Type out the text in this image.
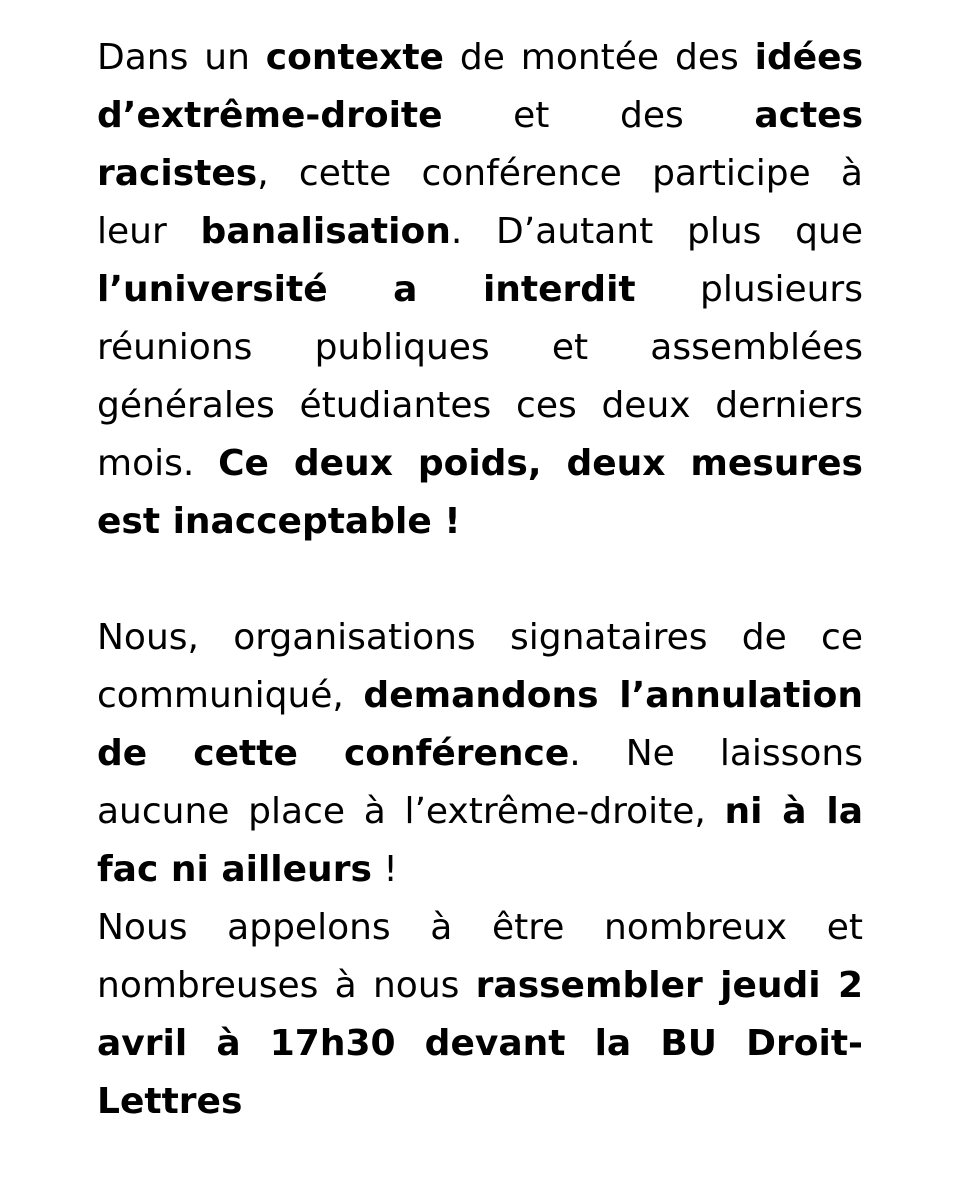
Dans un contexte de montée des idées d’extrême-droite et des actes racistes, cette conférence participe à leur banalisation. D’autant plus que l’université a interdit plusieurs réunions publiques et assemblées générales étudiantes ces deux derniers mois. Ce deux poids, deux mesures est inacceptable !

Nous, organisations signataires de ce communiqué, demandons l’annulation de cette conférence. Ne laissons aucune place à l’extrême-droite, ni à la fac ni ailleurs !

Nous appelons à être nombreux et nombreuses à nous rassembler jeudi 2 avril à 17h30 devant la BU Droit-Lettres
